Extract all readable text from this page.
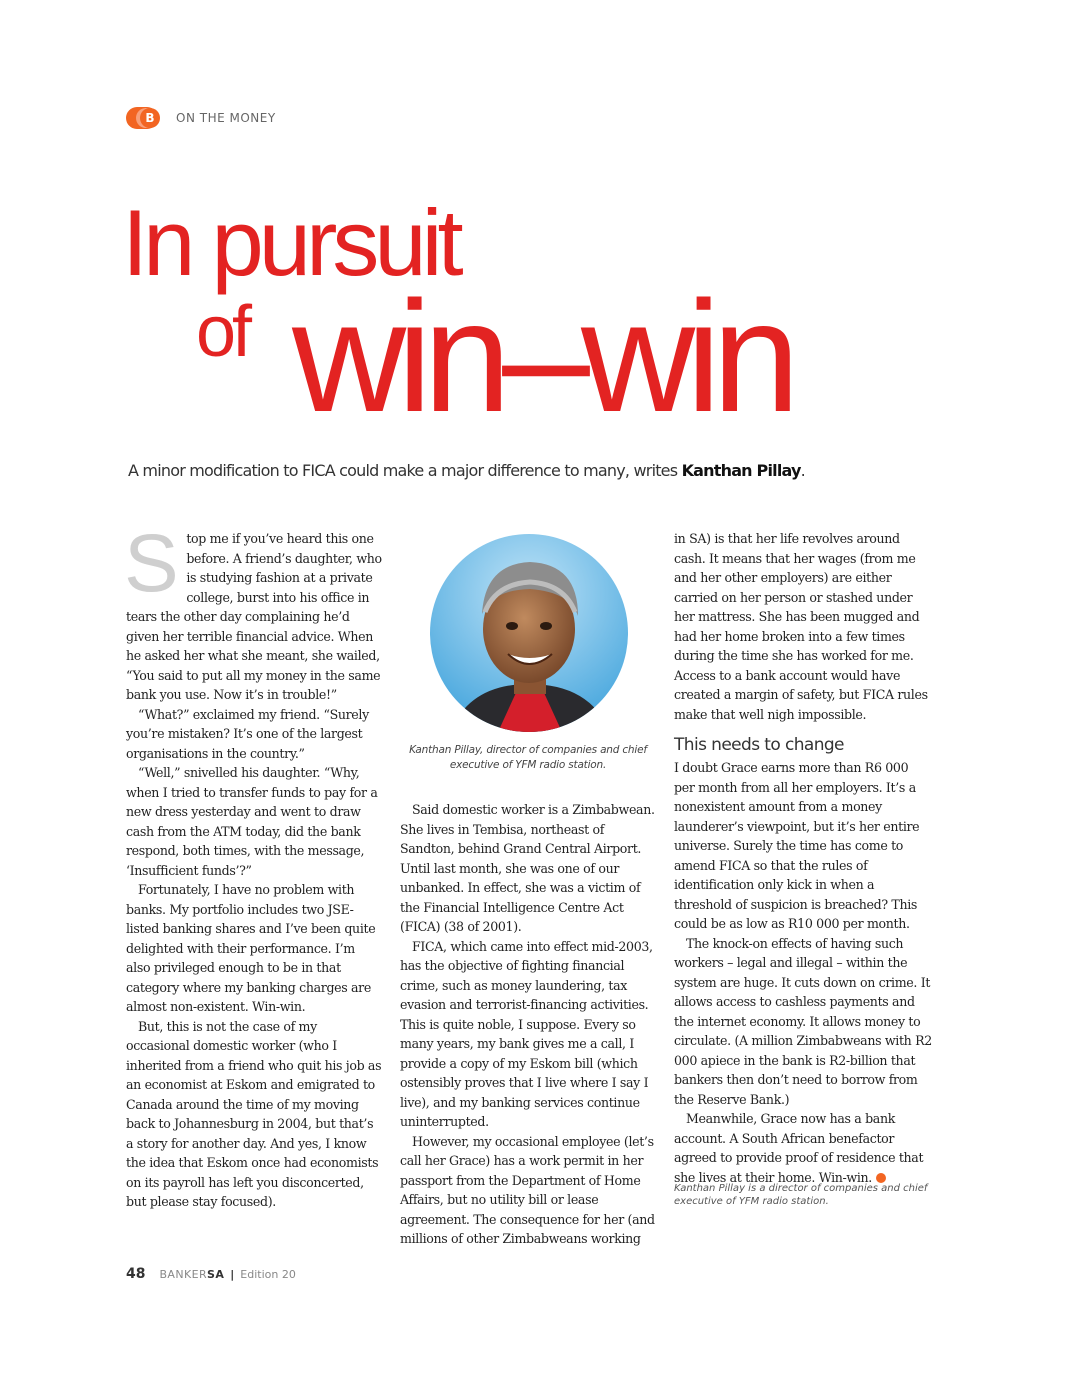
B	ON THE MONEY
In pursuit
of win–win
A minor modification to FICA could make a major difference to many, writes Kanthan Pillay.

Stop me if you’ve heard this one before. A friend’s daughter, who is studying fashion at a private college, burst into his office in tears the other day complaining he’d given her terrible financial advice. When he asked her what she meant, she wailed, “You said to put all my money in the same bank you use. Now it’s in trouble!”

“What?” exclaimed my friend. “Surely you’re mistaken? It’s one of the largest organisations in the country.”

“Well,” snivelled his daughter. “Why, when I tried to transfer funds to pay for a new dress yesterday and went to draw cash from the ATM today, did the bank respond, both times, with the message, ‘Insufficient funds’?”

Fortunately, I have no problem with banks. My portfolio includes two JSE-listed banking shares and I’ve been quite delighted with their performance. I’m also privileged enough to be in that category where my banking charges are almost non-existent. Win-win.

But, this is not the case of my occasional domestic worker (who I inherited from a friend who quit his job as an economist at Eskom and emigrated to Canada around the time of my moving back to Johannesburg in 2004, but that’s a story for another day. And yes, I know the idea that Eskom once had economists on its payroll has left you disconcerted, but please stay focused).

Kanthan Pillay, director of companies and chief executive of YFM radio station.

Said domestic worker is a Zimbabwean. She lives in Tembisa, northeast of Sandton, behind Grand Central Airport. Until last month, she was one of our unbanked. In effect, she was a victim of the Financial Intelligence Centre Act (FICA) (38 of 2001).

FICA, which came into effect mid-2003, has the objective of fighting financial crime, such as money laundering, tax evasion and terrorist-financing activities. This is quite noble, I suppose. Every so many years, my bank gives me a call, I provide a copy of my Eskom bill (which ostensibly proves that I live where I say I live), and my banking services continue uninterrupted.

However, my occasional employee (let’s call her Grace) has a work permit in her passport from the Department of Home Affairs, but no utility bill or lease agreement. The consequence for her (and millions of other Zimbabweans working

in SA) is that her life revolves around cash. It means that her wages (from me and her other employers) are either carried on her person or stashed under her mattress. She has been mugged and had her home broken into a few times during the time she has worked for me. Access to a bank account would have created a margin of safety, but FICA rules make that well nigh impossible.

This needs to change

I doubt Grace earns more than R6 000 per month from all her employers. It’s a nonexistent amount from a money launderer’s viewpoint, but it’s her entire universe. Surely the time has come to amend FICA so that the rules of identification only kick in when a threshold of suspicion is breached? This could be as low as R10 000 per month.

The knock-on effects of having such workers – legal and illegal – within the system are huge. It cuts down on crime. It allows access to cashless payments and the internet economy. It allows money to circulate. (A million Zimbabweans with R2 000 apiece in the bank is R2-billion that bankers then don’t need to borrow from the Reserve Bank.)

Meanwhile, Grace now has a bank account. A South African benefactor agreed to provide proof of residence that she lives at their home. Win-win.

Kanthan Pillay is a director of companies and chief executive of YFM radio station.
48 BANKERSA | Edition 20
